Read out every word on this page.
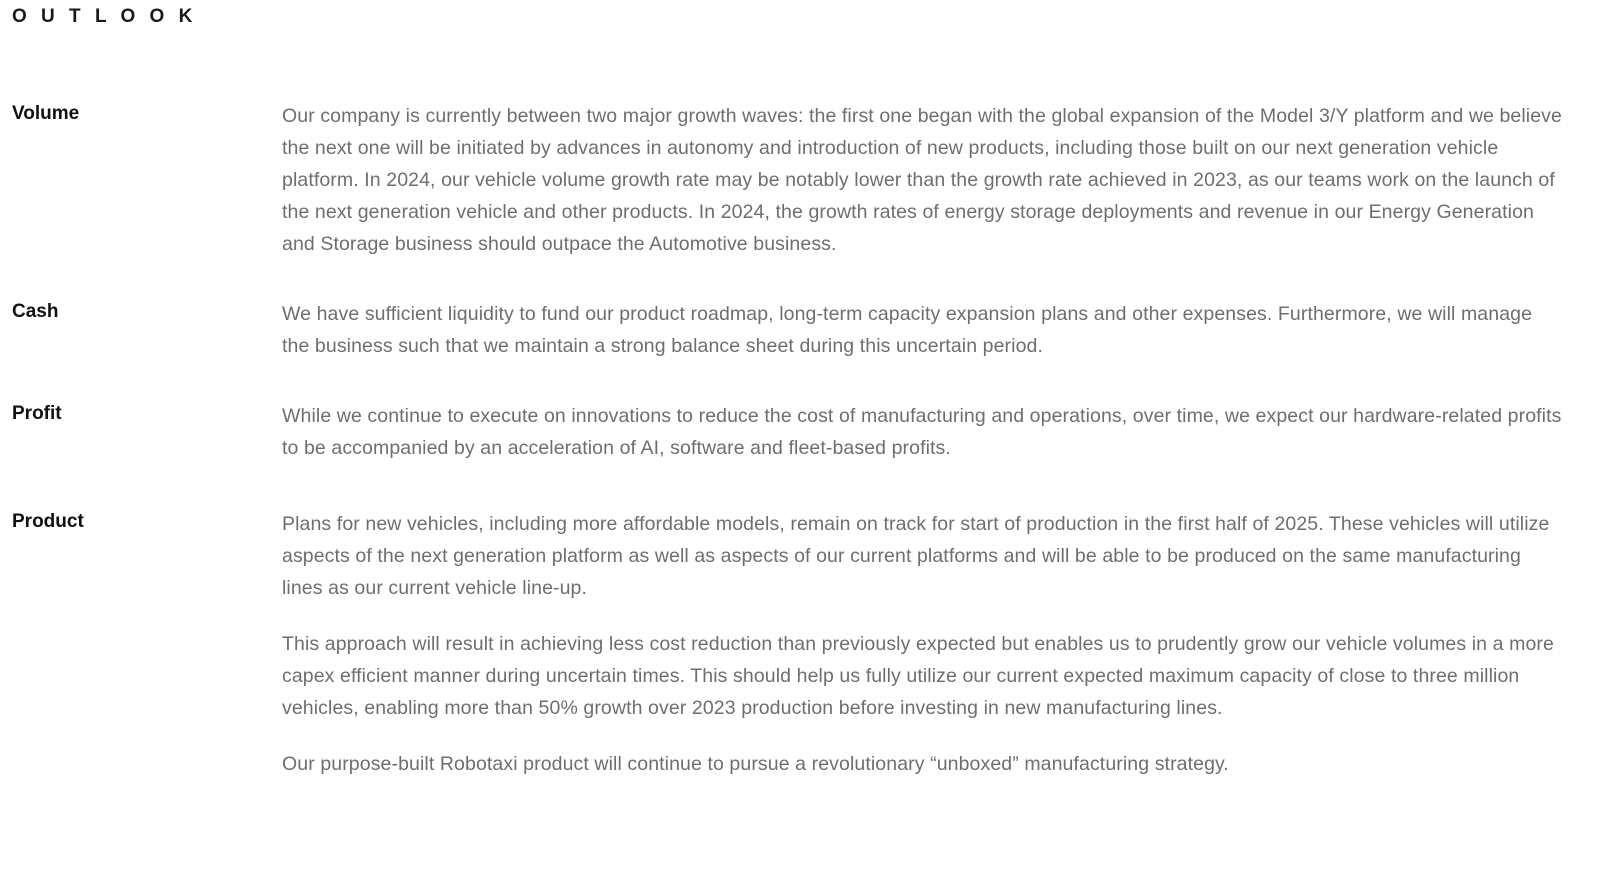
O U T L O O K
Volume	Our company is currently between two major growth waves: the first one began with the global expansion of the Model 3/Y platform and we believe the next one will be initiated by advances in autonomy and introduction of new products, including those built on our next generation vehicle platform. In 2024, our vehicle volume growth rate may be notably lower than the growth rate achieved in 2023, as our teams work on the launch of the next generation vehicle and other products. In 2024, the growth rates of energy storage deployments and revenue in our Energy Generation and Storage business should outpace the Automotive business.

Cash	We have sufficient liquidity to fund our product roadmap, long-term capacity expansion plans and other expenses. Furthermore, we will manage the business such that we maintain a strong balance sheet during this uncertain period.

Profit	While we continue to execute on innovations to reduce the cost of manufacturing and operations, over time, we expect our hardware-related profits to be accompanied by an acceleration of AI, software and fleet-based profits.

Product	Plans for new vehicles, including more affordable models, remain on track for start of production in the first half of 2025. These vehicles will utilize aspects of the next generation platform as well as aspects of our current platforms and will be able to be produced on the same manufacturing lines as our current vehicle line-up.

This approach will result in achieving less cost reduction than previously expected but enables us to prudently grow our vehicle volumes in a more capex efficient manner during uncertain times. This should help us fully utilize our current expected maximum capacity of close to three million vehicles, enabling more than 50% growth over 2023 production before investing in new manufacturing lines.

Our purpose-built Robotaxi product will continue to pursue a revolutionary “unboxed” manufacturing strategy.
